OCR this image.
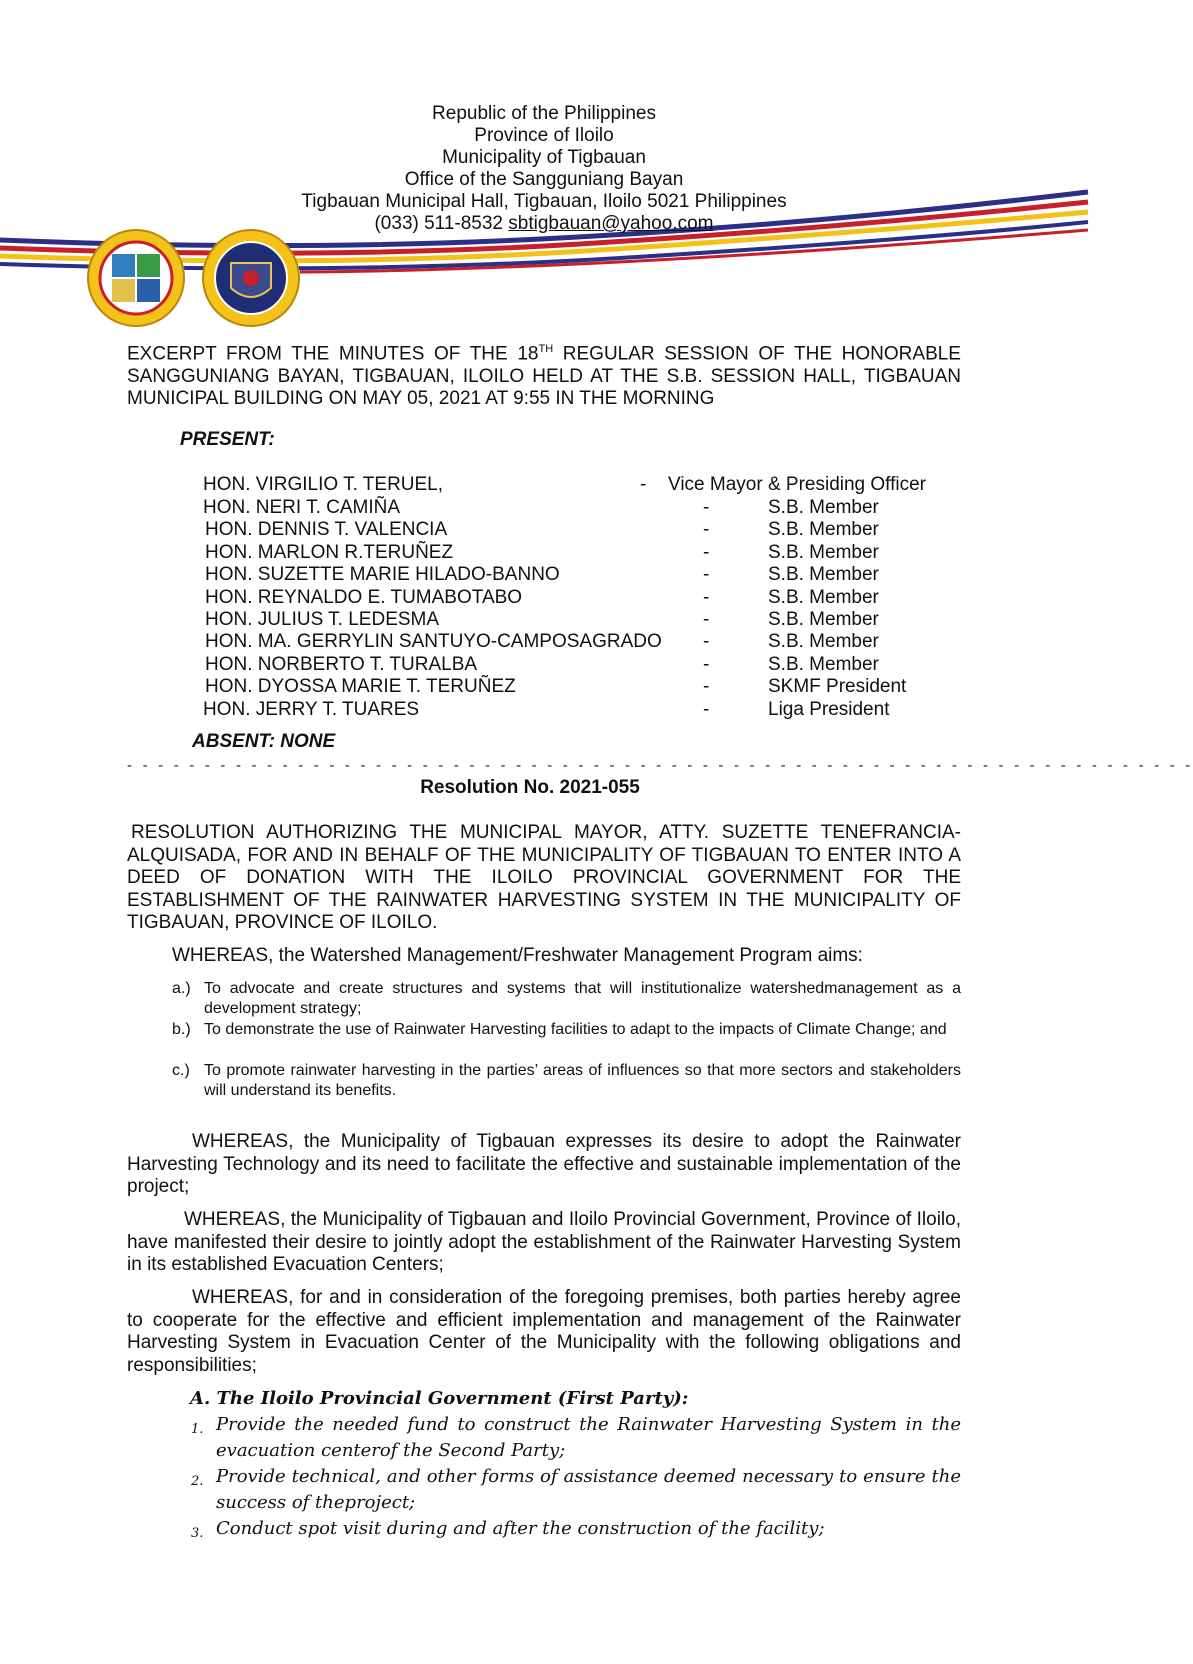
Republic of the Philippines
Province of Iloilo
Municipality of Tigbauan
Office of the Sangguniang Bayan
Tigbauan Municipal Hall, Tigbauan, Iloilo 5021 Philippines
(033) 511-8532 sbtigbauan@yahoo.com
EXCERPT FROM THE MINUTES OF THE 18TH REGULAR SESSION OF THE HONORABLE SANGGUNIANG BAYAN, TIGBAUAN, ILOILO HELD AT THE S.B. SESSION HALL, TIGBAUAN MUNICIPAL BUILDING ON MAY 05, 2021 AT 9:55 IN THE MORNING
PRESENT:
HON. VIRGILIO T. TERUEL,	- Vice Mayor & Presiding Officer
HON. NERI T. CAMIÑA	-	S.B. Member
HON. DENNIS T. VALENCIA	-	S.B. Member
HON. MARLON R.TERUÑEZ	-	S.B. Member
HON. SUZETTE MARIE HILADO-BANNO	-	S.B. Member
HON. REYNALDO E. TUMABOTABO	-	S.B. Member
HON. JULIUS T. LEDESMA	-	S.B. Member
HON. MA. GERRYLIN SANTUYO-CAMPOSAGRADO -	S.B. Member
HON. NORBERTO T. TURALBA	-	S.B. Member
HON. DYOSSA MARIE T. TERUÑEZ	-	SKMF President
HON. JERRY T. TUARES	-	Liga President
ABSENT: NONE
- - - - - - - - - - - - - - - - - - - - - - - - - - - - - - - - - - - - - - - - - - - - - - - - - - - - - - - - - - - - - - - - - - - - -
Resolution No. 2021-055
RESOLUTION AUTHORIZING THE MUNICIPAL MAYOR, ATTY. SUZETTE TENEFRANCIA-ALQUISADA, FOR AND IN BEHALF OF THE MUNICIPALITY OF TIGBAUAN TO ENTER INTO A DEED OF DONATION WITH THE ILOILO PROVINCIAL GOVERNMENT FOR THE ESTABLISHMENT OF THE RAINWATER HARVESTING SYSTEM IN THE MUNICIPALITY OF TIGBAUAN, PROVINCE OF ILOILO.
WHEREAS, the Watershed Management/Freshwater Management Program aims:
a.) To advocate and create structures and systems that will institutionalize watershedmanagement as a development strategy;
b.) To demonstrate the use of Rainwater Harvesting facilities to adapt to the impacts of Climate Change; and
c.) To promote rainwater harvesting in the parties’ areas of influences so that more sectors and stakeholders will understand its benefits.
WHEREAS, the Municipality of Tigbauan expresses its desire to adopt the Rainwater Harvesting Technology and its need to facilitate the effective and sustainable implementation of the project;
WHEREAS, the Municipality of Tigbauan and Iloilo Provincial Government, Province of Iloilo, have manifested their desire to jointly adopt the establishment of the Rainwater Harvesting System in its established Evacuation Centers;
WHEREAS, for and in consideration of the foregoing premises, both parties hereby agree to cooperate for the effective and efficient implementation and management of the Rainwater Harvesting System in Evacuation Center of the Municipality with the following obligations and responsibilities;
A. The Iloilo Provincial Government (First Party):
1. Provide the needed fund to construct the Rainwater Harvesting System in the evacuation centerof the Second Party;
2. Provide technical, and other forms of assistance deemed necessary to ensure the success of theproject;
3. Conduct spot visit during and after the construction of the facility;
